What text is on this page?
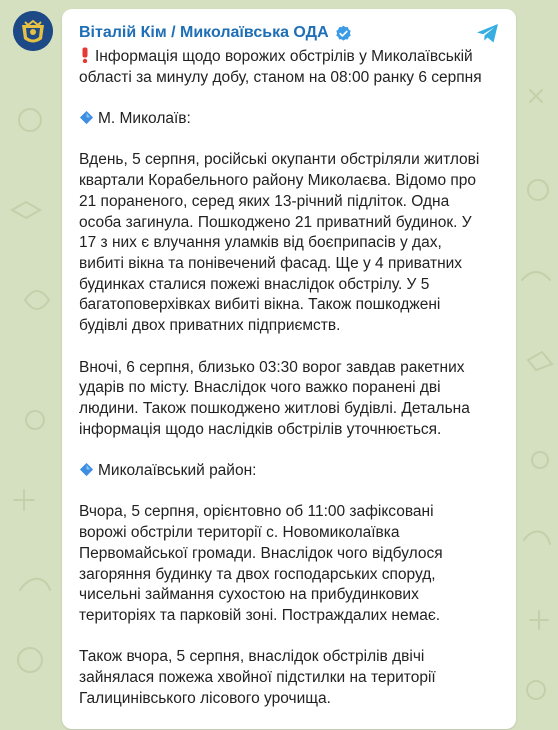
Віталій Кім / Миколаївська ОДА
Інформація щодо ворожих обстрілів у Миколаївській
області за минулу добу, станом на 08:00 ранку 6 серпня
М. Миколаїв:
Вдень, 5 серпня, російські окупанти обстріляли житлові
квартали Корабельного району Миколаєва. Відомо про
21 пораненого, серед яких 13-річний підліток. Одна
особа загинула. Пошкоджено 21 приватний будинок. У
17 з них є влучання уламків від боєприпасів у дах,
вибиті вікна та понівечений фасад. Ще у 4 приватних
будинках сталися пожежі внаслідок обстрілу. У 5
багатоповерхівках вибиті вікна. Також пошкоджені
будівлі двох приватних підприємств.
Вночі, 6 серпня, близько 03:30 ворог завдав ракетних
ударів по місту. Внаслідок чого важко поранені дві
людини. Також пошкоджено житлові будівлі. Детальна
інформація щодо наслідків обстрілів уточнюється.
Миколаївський район:
Вчора, 5 серпня, орієнтовно об 11:00 зафіксовані
ворожі обстріли території с. Новомиколаївка
Первомайської громади. Внаслідок чого відбулося
загоряння будинку та двох господарських споруд,
чисельні займання сухостою на прибудинкових
територіях та парковій зоні. Постраждалих немає.
Також вчора, 5 серпня, внаслідок обстрілів двічі
зайнялася пожежа хвойної підстилки на території
Галицинівського лісового урочища.
